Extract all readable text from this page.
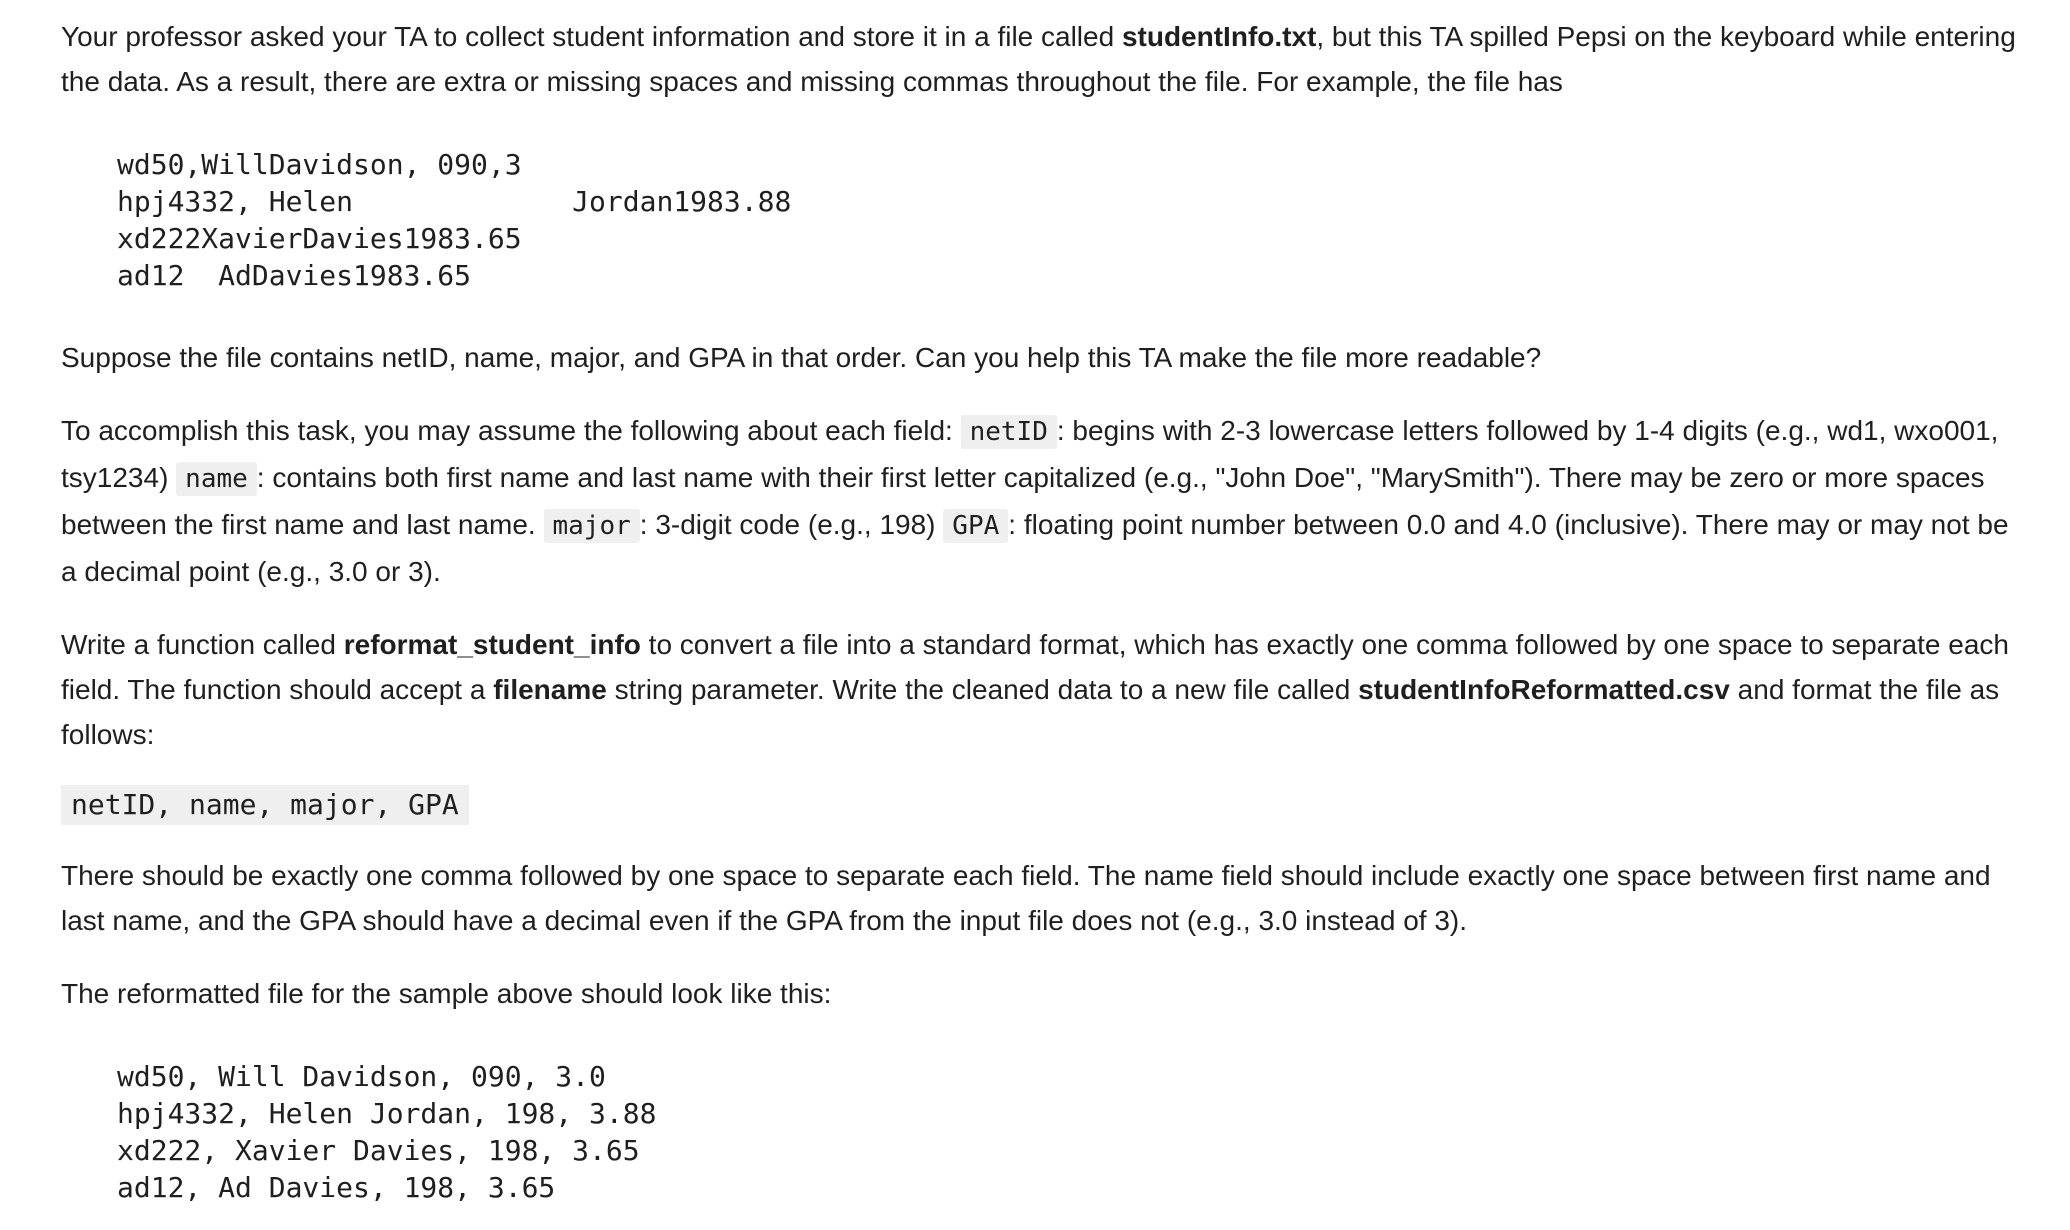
Your professor asked your TA to collect student information and store it in a file called studentInfo.txt, but this TA spilled Pepsi on the keyboard while entering the data. As a result, there are extra or missing spaces and missing commas throughout the file. For example, the file has

wd50,WillDavidson, 090,3
hpj4332, Helen             Jordan1983.88
xd222XavierDavies1983.65
ad12  AdDavies1983.65

Suppose the file contains netID, name, major, and GPA in that order. Can you help this TA make the file more readable?

To accomplish this task, you may assume the following about each field: netID : begins with 2-3 lowercase letters followed by 1-4 digits (e.g., wd1, wxo001, tsy1234) name : contains both first name and last name with their first letter capitalized (e.g., "John Doe", "MarySmith"). There may be zero or more spaces between the first name and last name. major : 3-digit code (e.g., 198) GPA : floating point number between 0.0 and 4.0 (inclusive). There may or may not be a decimal point (e.g., 3.0 or 3).

Write a function called reformat_student_info to convert a file into a standard format, which has exactly one comma followed by one space to separate each field. The function should accept a filename string parameter. Write the cleaned data to a new file called studentInfoReformatted.csv and format the file as follows:

netID, name, major, GPA

There should be exactly one comma followed by one space to separate each field. The name field should include exactly one space between first name and last name, and the GPA should have a decimal even if the GPA from the input file does not (e.g., 3.0 instead of 3).

The reformatted file for the sample above should look like this:

wd50, Will Davidson, 090, 3.0
hpj4332, Helen Jordan, 198, 3.88
xd222, Xavier Davies, 198, 3.65
ad12, Ad Davies, 198, 3.65
